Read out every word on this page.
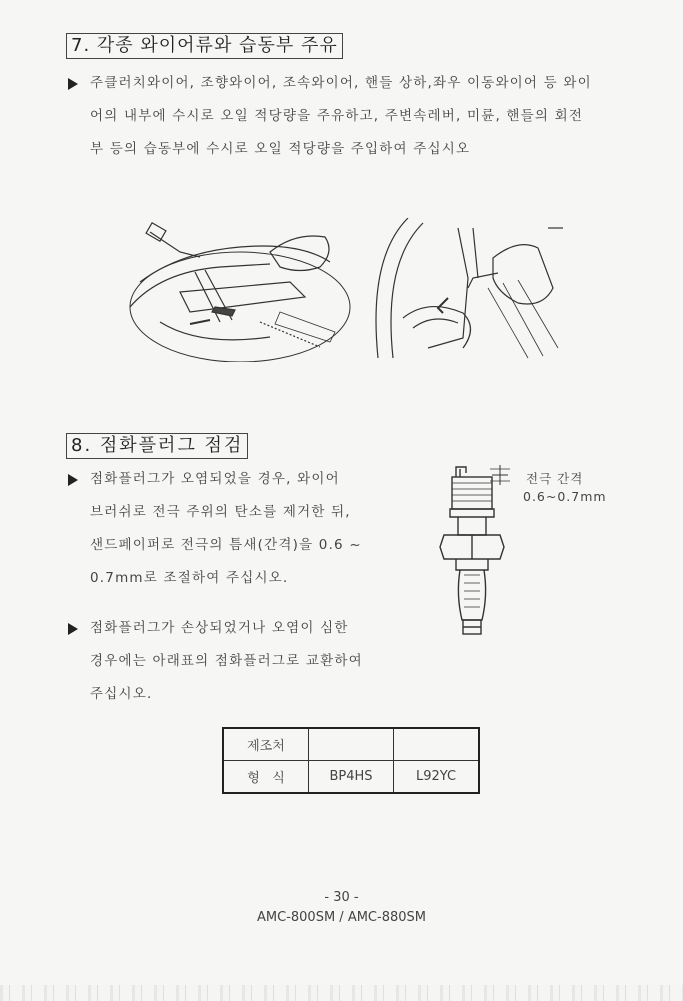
7. 각종 와이어류와 습동부 주유
주클러치와이어, 조향와이어, 조속와이어, 핸들 상하,좌우 이동와이어 등 와이
어의 내부에 수시로 오일 적당량을 주유하고, 주변속레버, 미륜, 핸들의 회전
부 등의 습동부에 수시로 오일 적당량을 주입하여 주십시오
8. 점화플러그 점검
점화플러그가 오염되었을 경우, 와이어
브러쉬로 전극 주위의 탄소를 제거한 뒤,
샌드페이퍼로 전극의 틈새(간격)을 0.6 ~
0.7mm로 조절하여 주십시오.
점화플러그가 손상되었거나 오염이 심한
경우에는 아래표의 점화플러그로 교환하여
주십시오.
전극 간격
0.6~0.7mm
제조처		
형   식	BP4HS	L92YC
- 30 -
AMC-800SM / AMC-880SM
